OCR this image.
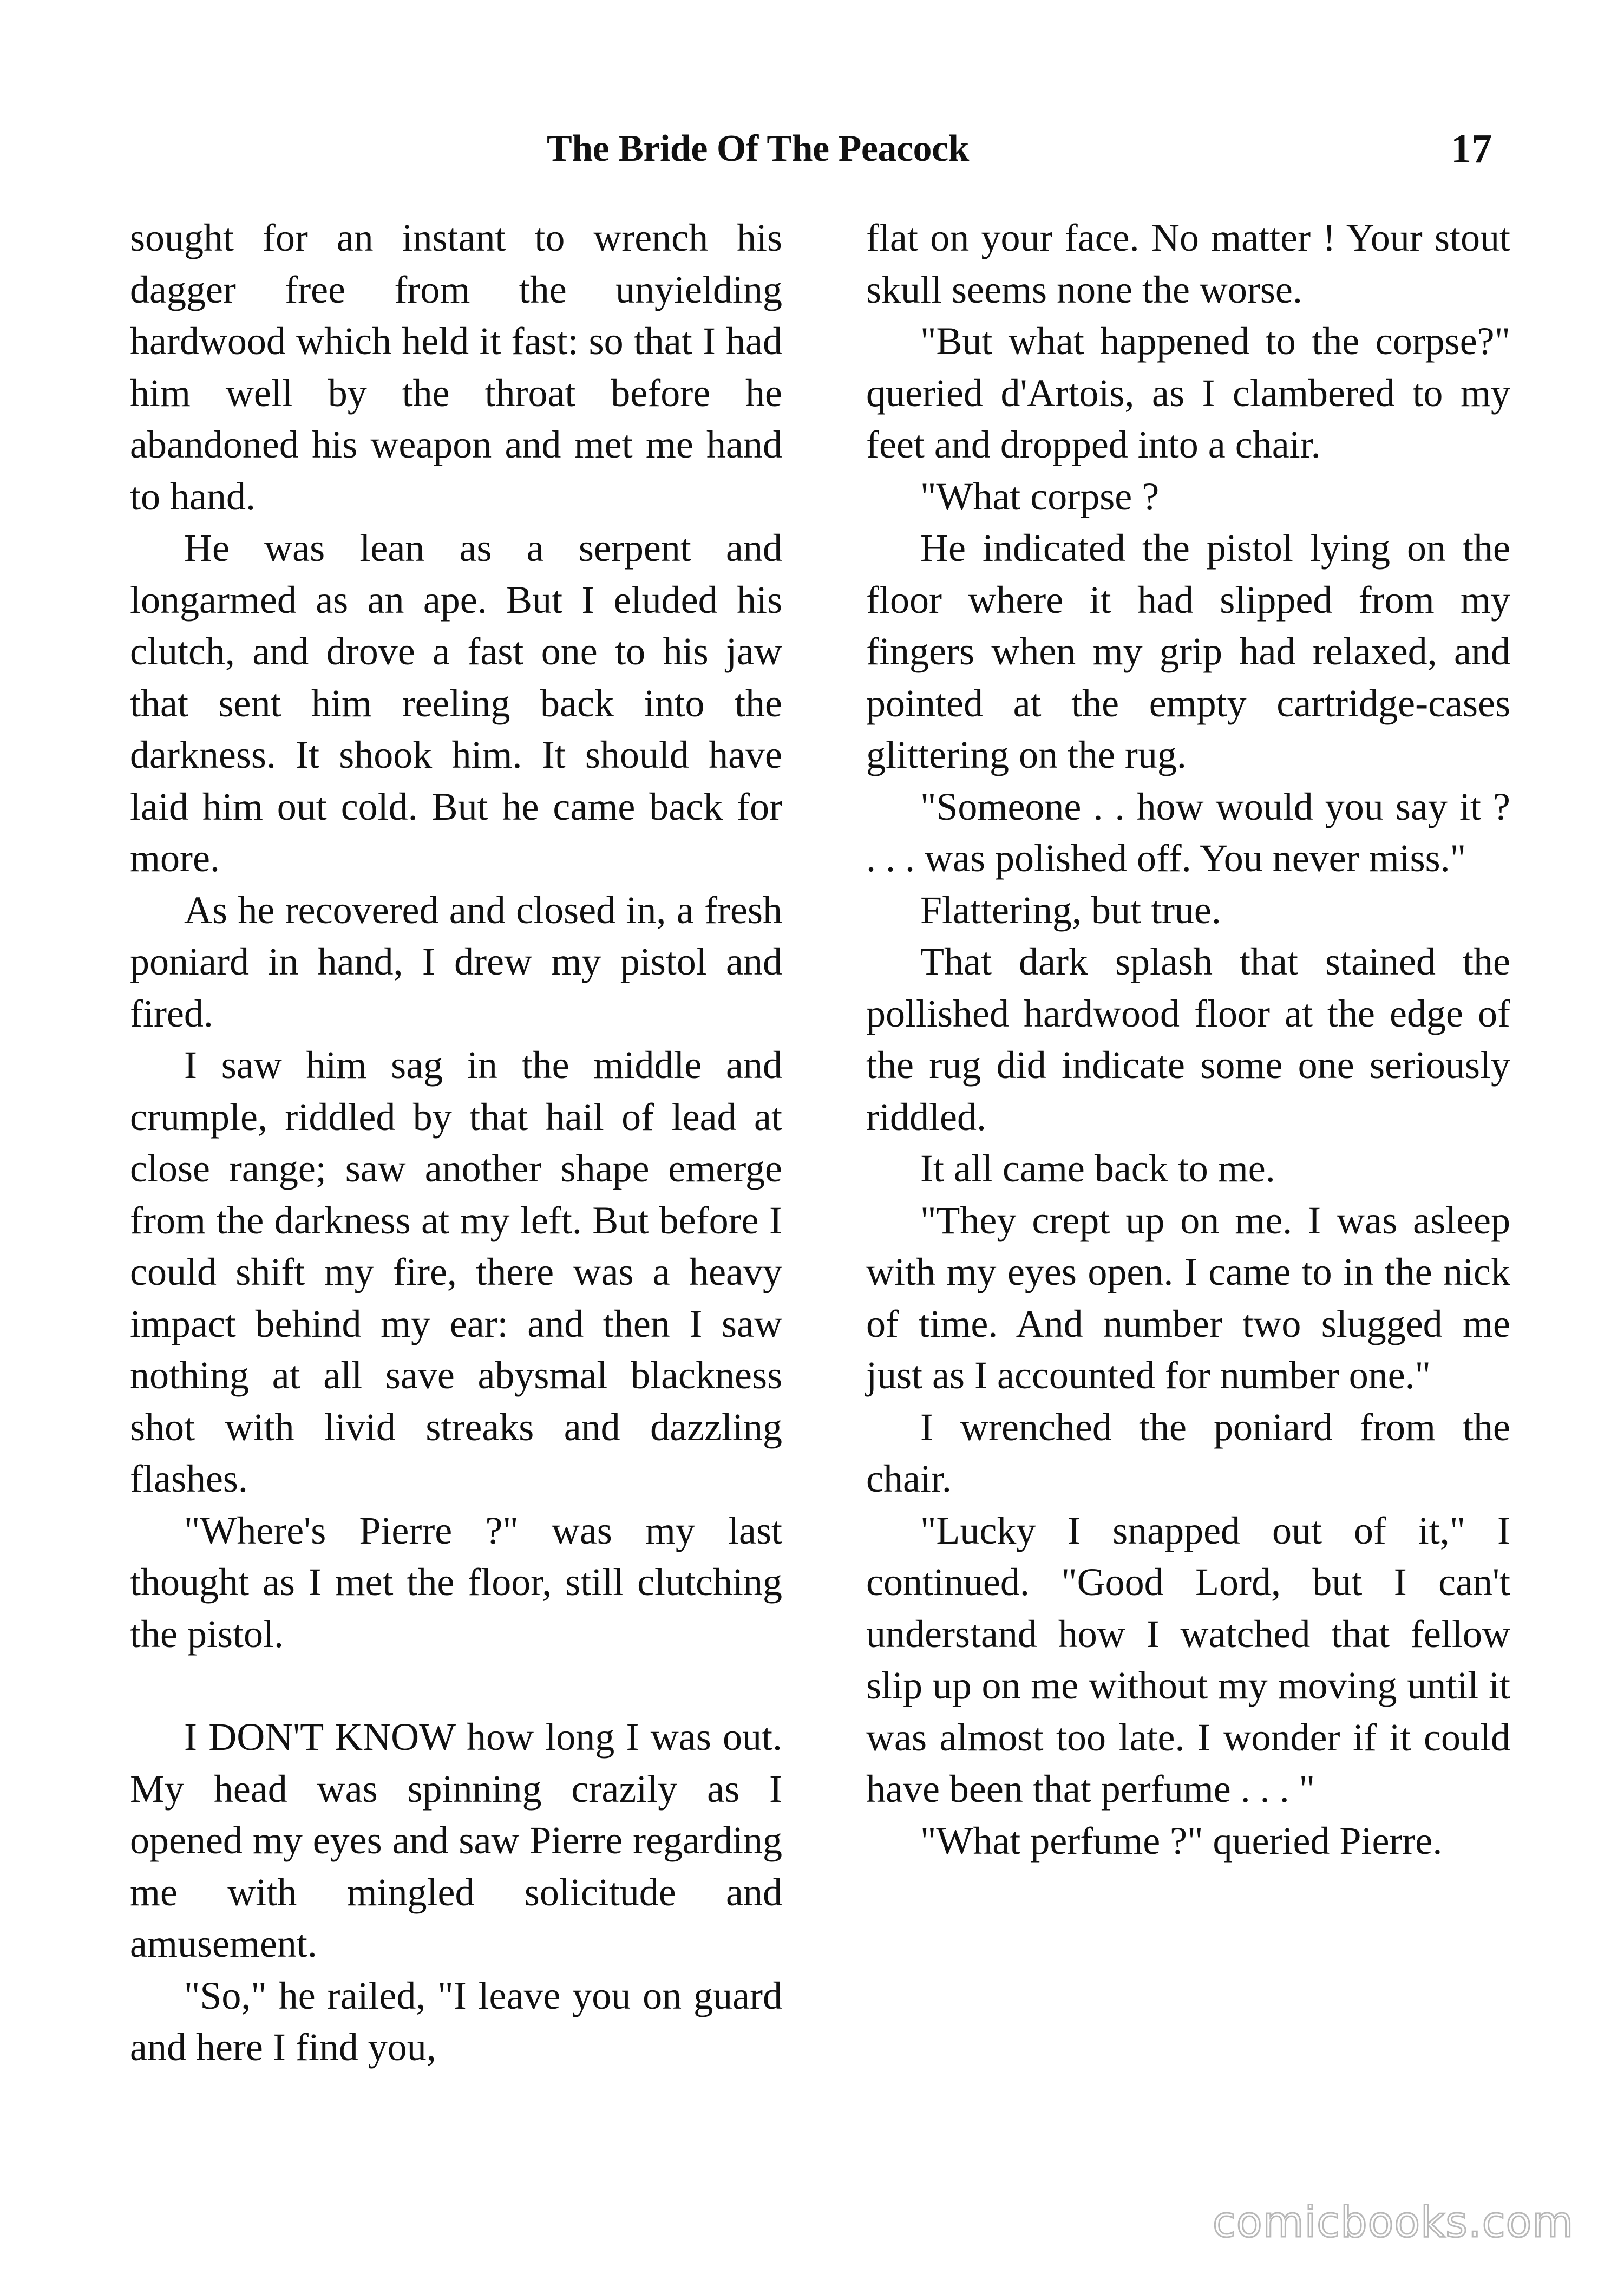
The Bride Of The Peacock	17

sought for an instant to wrench his dagger free from the unyielding hardwood which held it fast: so that I had him well by the throat before he abandoned his weapon and met me hand to hand.

He was lean as a serpent and longarmed as an ape. But I eluded his clutch, and drove a fast one to his jaw that sent him reeling back into the darkness. It shook him. It should have laid him out cold. But he came back for more.

As he recovered and closed in, a fresh poniard in hand, I drew my pistol and fired.

I saw him sag in the middle and crumple, riddled by that hail of lead at close range; saw another shape emerge from the darkness at my left. But before I could shift my fire, there was a heavy impact behind my ear: and then I saw nothing at all save abysmal blackness shot with livid streaks and dazzling flashes.

"Where's Pierre ?" was my last thought as I met the floor, still clutching the pistol.

I DON'T KNOW how long I was out. My head was spinning crazily as I opened my eyes and saw Pierre regarding me with mingled solicitude and amusement.

"So," he railed, "I leave you on guard and here I find you,

flat on your face. No matter ! Your stout skull seems none the worse.

"But what happened to the corpse?" queried d'Artois, as I clambered to my feet and dropped into a chair.

"What corpse ?

He indicated the pistol lying on the floor where it had slipped from my fingers when my grip had relaxed, and pointed at the empty cartridge-cases glittering on the rug.

"Someone . . how would you say it ? . . . was polished off. You never miss."

Flattering, but true.

That dark splash that stained the pollished hardwood floor at the edge of the rug did indicate some one seriously riddled.

It all came back to me.

"They crept up on me. I was asleep with my eyes open. I came to in the nick of time. And number two slugged me just as I accounted for number one."

I wrenched the poniard from the chair.

"Lucky I snapped out of it," I continued. "Good Lord, but I can't understand how I watched that fellow slip up on me without my moving until it was almost too late. I wonder if it could have been that perfume . . . "

"What perfume ?" queried Pierre.

comicbooks.com
